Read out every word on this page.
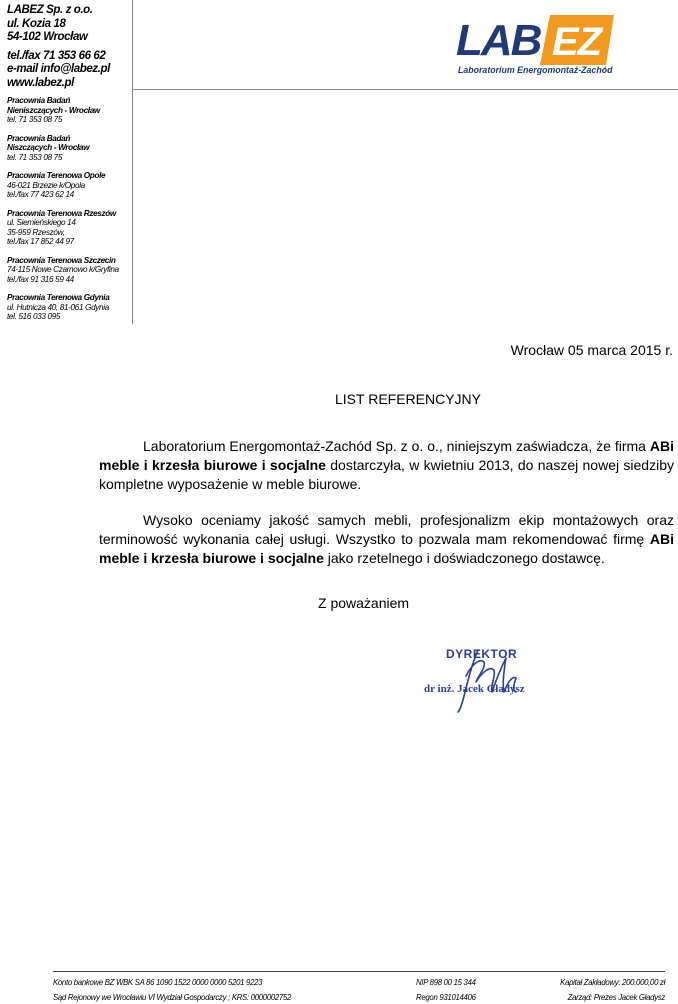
LABEZ Sp. z o.o.
ul. Kozia 18
54-102 Wrocław
tel./fax 71 353 66 62
e-mail info@labez.pl
www.labez.pl
Pracownia Badań
Nieniszczących - Wrocław
tel. 71 353 08 75
Pracownia Badań
Niszczących - Wrocław
tel. 71 353 08 75
Pracownia Terenowa Opole
46-021 Brzezie k/Opola
tel./fax 77 423 62 14
Pracownia Terenowa Rzeszów
ul. Siemieńskiego 14
35-959 Rzeszów,
tel./fax 17 852 44 97
Pracownia Terenowa Szczecin
74-115 Nowe Czarnowo k/Gryfina
tel./fax 91 316 59 44
Pracownia Terenowa Gdynia
ul. Hutnicza 40, 81-061 Gdynia
tel. 516 033 095
LAB EZ
Laboratorium Energomontaż-Zachód
Wrocław 05 marca 2015 r.
LIST REFERENCYJNY
Laboratorium Energomontaż-Zachód Sp. z o. o., niniejszym zaświadcza, że firma ABi meble i krzesła biurowe i socjalne dostarczyła, w kwietniu 2013, do naszej nowej siedziby kompletne wyposażenie w meble biurowe.
Wysoko oceniamy jakość samych mebli, profesjonalizm ekip montażowych oraz terminowość wykonania całej usługi. Wszystko to pozwala mam rekomendować firmę ABi meble i krzesła biurowe i socjalne jako rzetelnego i doświadczonego dostawcę.
Z poważaniem
DYREKTOR
dr inż. Jacek Gładysz
Konto bankowe BZ WBK SA 86 1090 1522 0000 0000 5201 9223
Sąd Rejonowy we Wrocławiu VI Wydział Gospodarczy ; KRS: 0000002752
NIP 898 00 15 344
Regon 931014406
Kapitał Zakładowy: 200.000,00 zł
Zarząd: Prezes Jacek Gładysz
